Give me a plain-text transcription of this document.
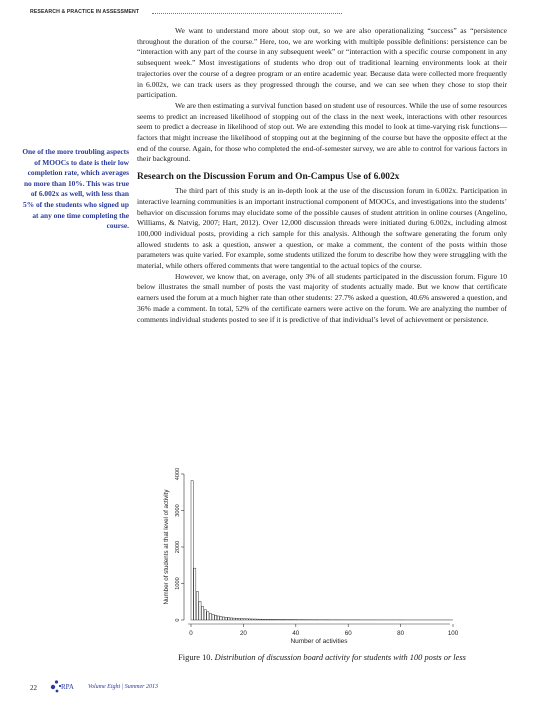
RESEARCH & PRACTICE IN ASSESSMENT
One of the more troubling aspects of MOOCs to date is their low completion rate, which averages no more than 10%. This was true of 6.002x as well, with less than 5% of the students who signed up at any one time completing the course.

We want to understand more about stop out, so we are also operationalizing “success” as “persistence throughout the duration of the course.” Here, too, we are working with multiple possible definitions: persistence can be “interaction with any part of the course in any subsequent week” or “interaction with a specific course component in any subsequent week.” Most investigations of students who drop out of traditional learning environments look at their trajectories over the course of a degree program or an entire academic year. Because data were collected more frequently in 6.002x, we can track users as they progressed through the course, and we can see when they chose to stop their participation.

We are then estimating a survival function based on student use of resources. While the use of some resources seems to predict an increased likelihood of stopping out of the class in the next week, interactions with other resources seem to predict a decrease in likelihood of stop out. We are extending this model to look at time-varying risk functions—factors that might increase the likelihood of stopping out at the beginning of the course but have the opposite effect at the end of the course. Again, for those who completed the end-of-semester survey, we are able to control for various factors in their background.

Research on the Discussion Forum and On-Campus Use of 6.002x

The third part of this study is an in-depth look at the use of the discussion forum in 6.002x. Participation in interactive learning communities is an important instructional component of MOOCs, and investigations into the students’ behavior on discussion forums may elucidate some of the possible causes of student attrition in online courses (Angelino, Williams, & Natvig, 2007; Hart, 2012). Over 12,000 discussion threads were initiated during 6.002x, including almost 100,000 individual posts, providing a rich sample for this analysis. Although the software generating the forum only allowed students to ask a question, answer a question, or make a comment, the content of the posts within those parameters was quite varied. For example, some students utilized the forum to describe how they were struggling with the material, while others offered comments that were tangential to the actual topics of the course.

However, we know that, on average, only 3% of all students participated in the discussion forum. Figure 10 below illustrates the small number of posts the vast majority of students actually made. But we know that certificate earners used the forum at a much higher rate than other students: 27.7% asked a question, 40.6% answered a question, and 36% made a comment. In total, 52% of the certificate earners were active on the forum. We are analyzing the number of comments individual students posted to see if it is predictive of that individual’s level of achievement or persistence.

0	20	40	60	80	100
0
1000
2000
3000
4000
Number of activities
Number of students at that level of activity
Figure 10. Distribution of discussion board activity for students with 100 posts or less
22	RPA Volume Eight | Summer 2013
